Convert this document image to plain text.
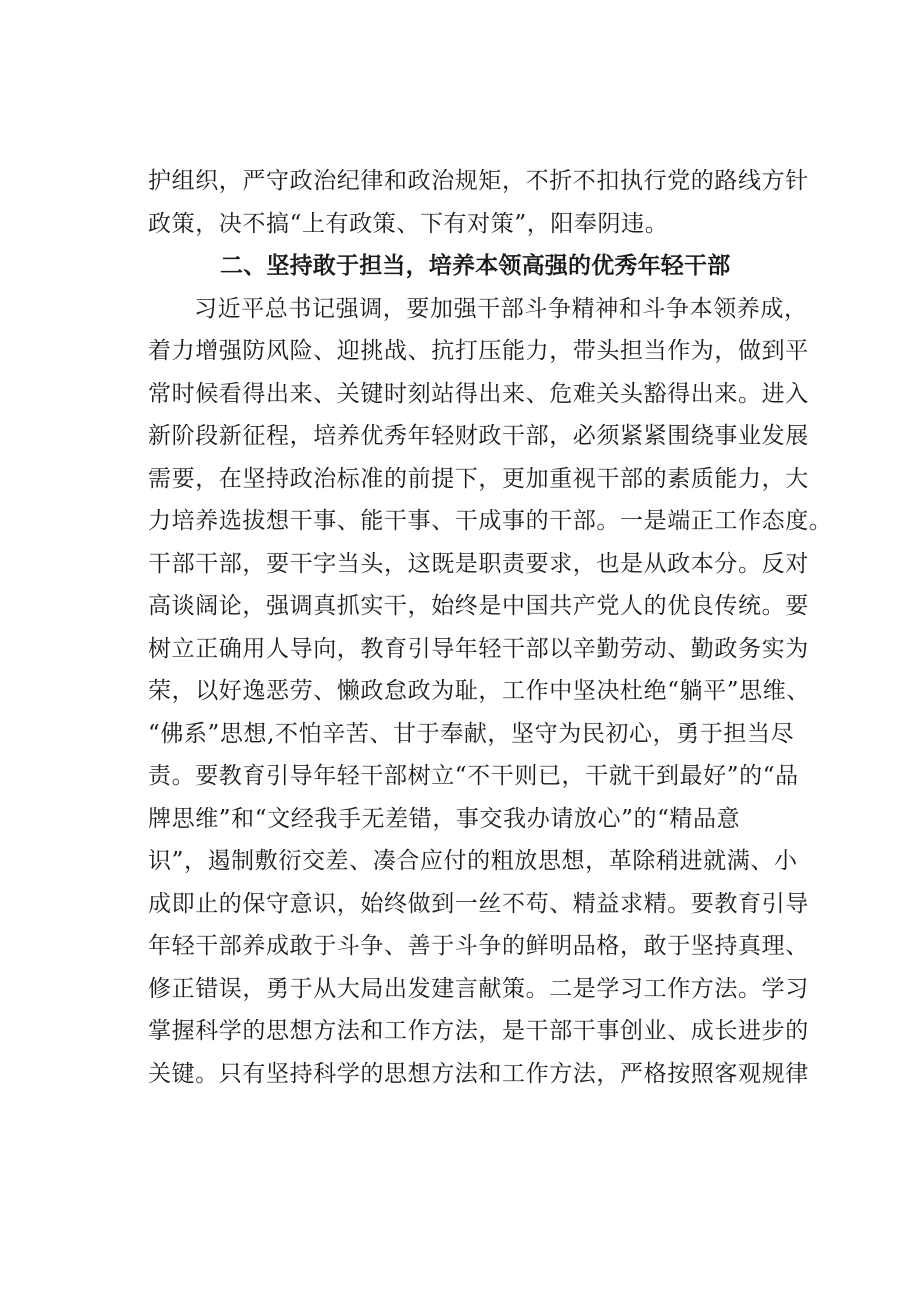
护组织，严守政治纪律和政治规矩，不折不扣执行党的路线方针
政策，决不搞“上有政策、下有对策”，阳奉阴违。
二、坚持敢于担当，培养本领高强的优秀年轻干部
习近平总书记强调，要加强干部斗争精神和斗争本领养成，
着力增强防风险、迎挑战、抗打压能力，带头担当作为，做到平
常时候看得出来、关键时刻站得出来、危难关头豁得出来。进入
新阶段新征程，培养优秀年轻财政干部，必须紧紧围绕事业发展
需要，在坚持政治标准的前提下，更加重视干部的素质能力，大
力培养选拔想干事、能干事、干成事的干部。一是端正工作态度。
干部干部，要干字当头，这既是职责要求，也是从政本分。反对
高谈阔论，强调真抓实干，始终是中国共产党人的优良传统。要
树立正确用人导向，教育引导年轻干部以辛勤劳动、勤政务实为
荣，以好逸恶劳、懒政怠政为耻，工作中坚决杜绝“躺平”思维、
“佛系”思想,不怕辛苦、甘于奉献，坚守为民初心，勇于担当尽
责。要教育引导年轻干部树立“不干则已，干就干到最好”的“品
牌思维”和“文经我手无差错，事交我办请放心”的“精品意
识”，遏制敷衍交差、凑合应付的粗放思想，革除稍进就满、小
成即止的保守意识，始终做到一丝不苟、精益求精。要教育引导
年轻干部养成敢于斗争、善于斗争的鲜明品格，敢于坚持真理、
修正错误，勇于从大局出发建言献策。二是学习工作方法。学习
掌握科学的思想方法和工作方法，是干部干事创业、成长进步的
关键。只有坚持科学的思想方法和工作方法，严格按照客观规律
